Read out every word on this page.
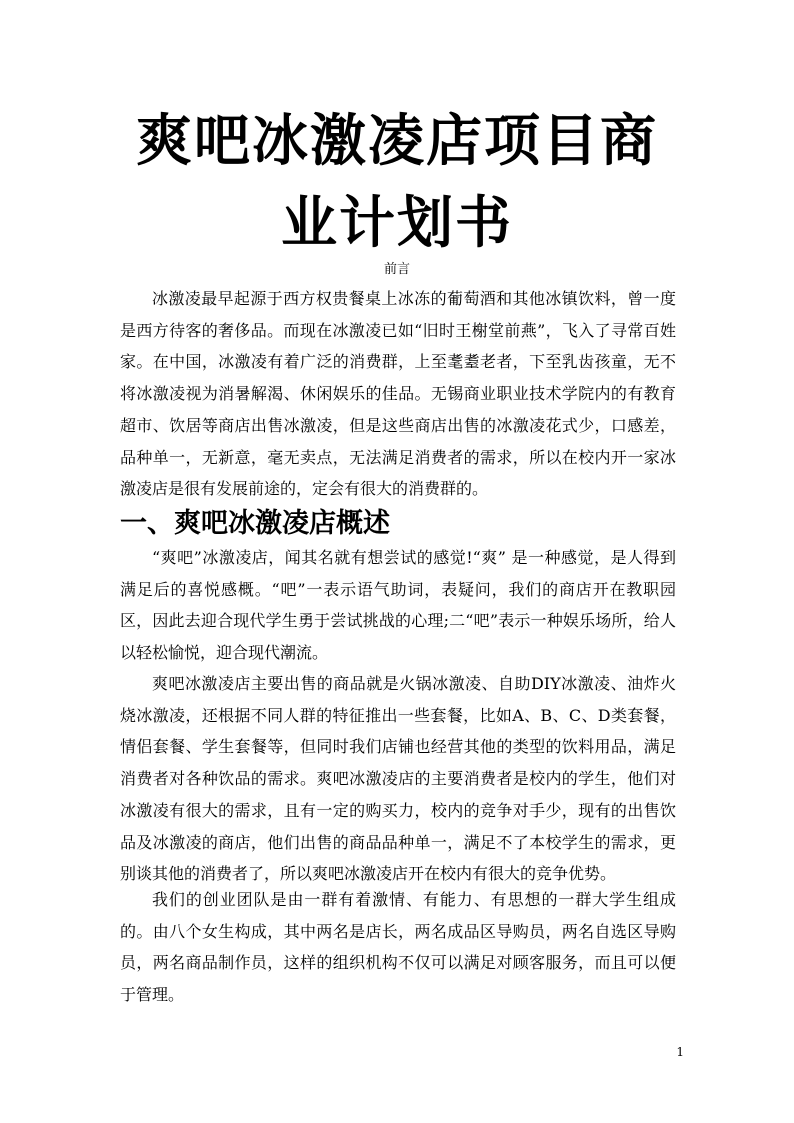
爽吧冰激凌店项目商
业计划书

前言

冰激凌最早起源于西方权贵餐桌上冰冻的葡萄酒和其他冰镇饮料，曾一度是西方待客的奢侈品。而现在冰激凌已如“旧时王榭堂前燕”，飞入了寻常百姓家。在中国，冰激凌有着广泛的消费群，上至耄耋老者，下至乳齿孩童，无不将冰激凌视为消暑解渴、休闲娱乐的佳品。无锡商业职业技术学院内的有教育超市、饮居等商店出售冰激凌，但是这些商店出售的冰激凌花式少，口感差，品种单一，无新意，毫无卖点，无法满足消费者的需求，所以在校内开一家冰激凌店是很有发展前途的，定会有很大的消费群的。

一、爽吧冰激凌店概述

“爽吧”冰激凌店，闻其名就有想尝试的感觉!“爽” 是一种感觉，是人得到满足后的喜悦感概。“吧”一表示语气助词，表疑问，我们的商店开在教职园区，因此去迎合现代学生勇于尝试挑战的心理;二“吧”表示一种娱乐场所，给人以轻松愉悦，迎合现代潮流。

爽吧冰激凌店主要出售的商品就是火锅冰激凌、自助DIY冰激凌、油炸火烧冰激凌，还根据不同人群的特征推出一些套餐，比如A、B、C、D类套餐，情侣套餐、学生套餐等，但同时我们店铺也经营其他的类型的饮料用品，满足消费者对各种饮品的需求。爽吧冰激凌店的主要消费者是校内的学生，他们对冰激凌有很大的需求，且有一定的购买力，校内的竞争对手少，现有的出售饮品及冰激凌的商店，他们出售的商品品种单一，满足不了本校学生的需求，更别谈其他的消费者了，所以爽吧冰激凌店开在校内有很大的竞争优势。

我们的创业团队是由一群有着激情、有能力、有思想的一群大学生组成的。由八个女生构成，其中两名是店长，两名成品区导购员，两名自选区导购员，两名商品制作员，这样的组织机构不仅可以满足对顾客服务，而且可以便于管理。

1
